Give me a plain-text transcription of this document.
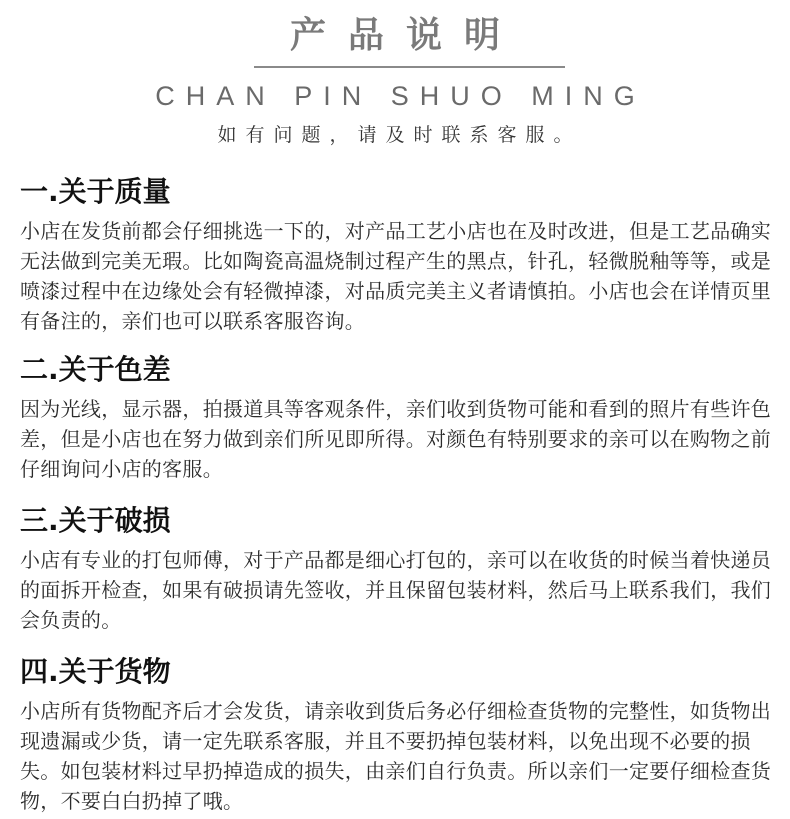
产品说明
CHAN PIN SHUO MING
如有问题，请及时联系客服。
一.关于质量

小店在发货前都会仔细挑选一下的，对产品工艺小店也在及时改进，但是工艺品确实无法做到完美无瑕。比如陶瓷高温烧制过程产生的黑点，针孔，轻微脱釉等等，或是喷漆过程中在边缘处会有轻微掉漆，对品质完美主义者请慎拍。小店也会在详情页里有备注的，亲们也可以联系客服咨询。

二.关于色差

因为光线，显示器，拍摄道具等客观条件，亲们收到货物可能和看到的照片有些许色差，但是小店也在努力做到亲们所见即所得。对颜色有特别要求的亲可以在购物之前仔细询问小店的客服。

三.关于破损

小店有专业的打包师傅，对于产品都是细心打包的，亲可以在收货的时候当着快递员的面拆开检查，如果有破损请先签收，并且保留包装材料，然后马上联系我们，我们会负责的。

四.关于货物

小店所有货物配齐后才会发货，请亲收到货后务必仔细检查货物的完整性，如货物出现遗漏或少货，请一定先联系客服，并且不要扔掉包装材料，以免出现不必要的损失。如包装材料过早扔掉造成的损失，由亲们自行负责。所以亲们一定要仔细检查货物，不要白白扔掉了哦。
